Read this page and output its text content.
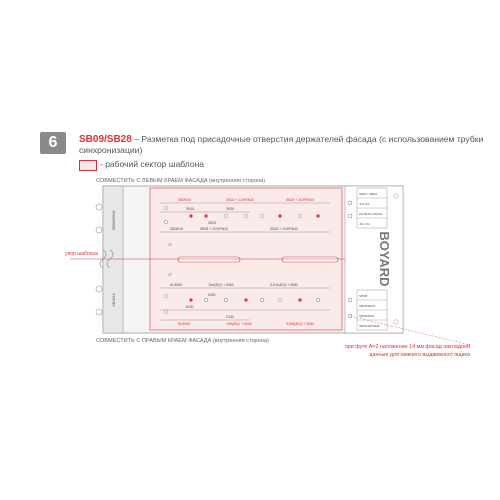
6	SB09/SB28 – Разметка под присадочные отверстия держателей фасада (с использованием трубки синхронизации)
- рабочий сектор шаблона
СОВМЕСТИТЬ С ЛЕВЫМ КРАЕМ ФАСАДА (внутренняя сторона)
СОВМЕСТИТЬ С ПРАВЫМ КРАЕМ ФАСАДА (внутренняя сторона)
упор шаблона
при фуге A=2 наложение 14 мм фасад накладной данные для нижнего выдвижного ящика
BOYARD
SB09/26	SB16 + 1/2HRN40	SB28 + 2/2HRN40
SB18
SB26
SB30
SB08/18	SB08 + 1/2HRN40	SB28 + 2/2HRN40
17
17
81/8080	JHA(80)1 + 8080	SJHA(80)2 + 8080
8080
8180
D180
81/8080	JHA(80)1 + 8080	SJHA(80)2 + 8080
SB09 / SB/26
JG1 3/4
HNTRAILUNGAN
JG1 3/4
SB/08
SB18/SB/26
SB/18/B/26
SB02/SB/SB28
SB28/HRN40
SB08/18
